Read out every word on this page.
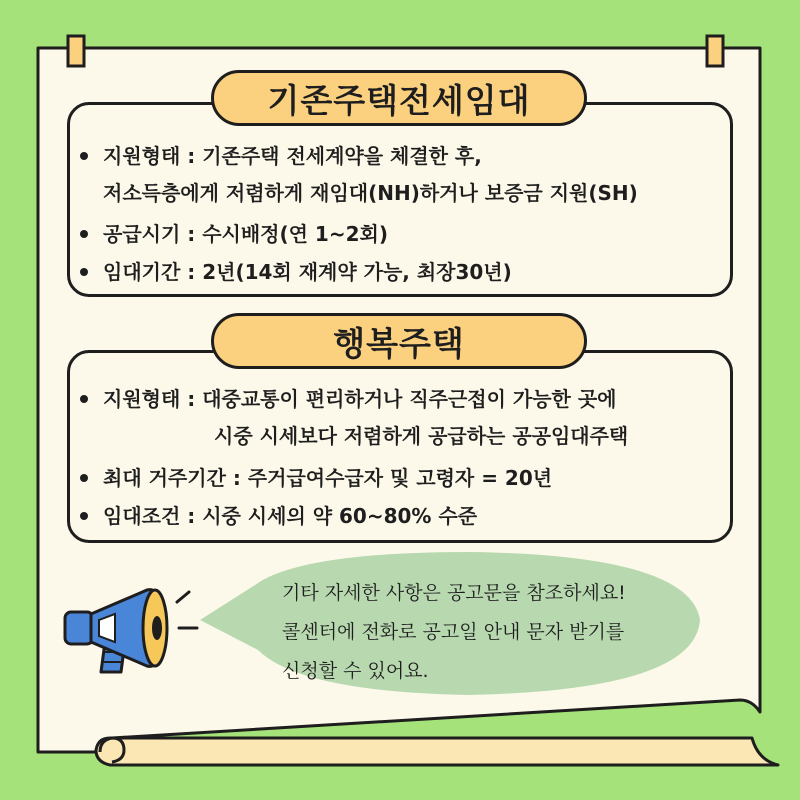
기존주택전세임대
지원형태 : 기존주택 전세계약을 체결한 후,
저소득층에게 저렴하게 재임대(NH)하거나 보증금 지원(SH)
공급시기 : 수시배정(연 1~2회)
임대기간 : 2년(14회 재계약 가능, 최장30년)
행복주택
지원형태 : 대중교통이 편리하거나 직주근접이 가능한 곳에
시중 시세보다 저렴하게 공급하는 공공임대주택
최대 거주기간 : 주거급여수급자 및 고령자 = 20년
임대조건 : 시중 시세의 약 60~80% 수준
기타 자세한 사항은 공고문을 참조하세요!
콜센터에 전화로 공고일 안내 문자 받기를
신청할 수 있어요.
